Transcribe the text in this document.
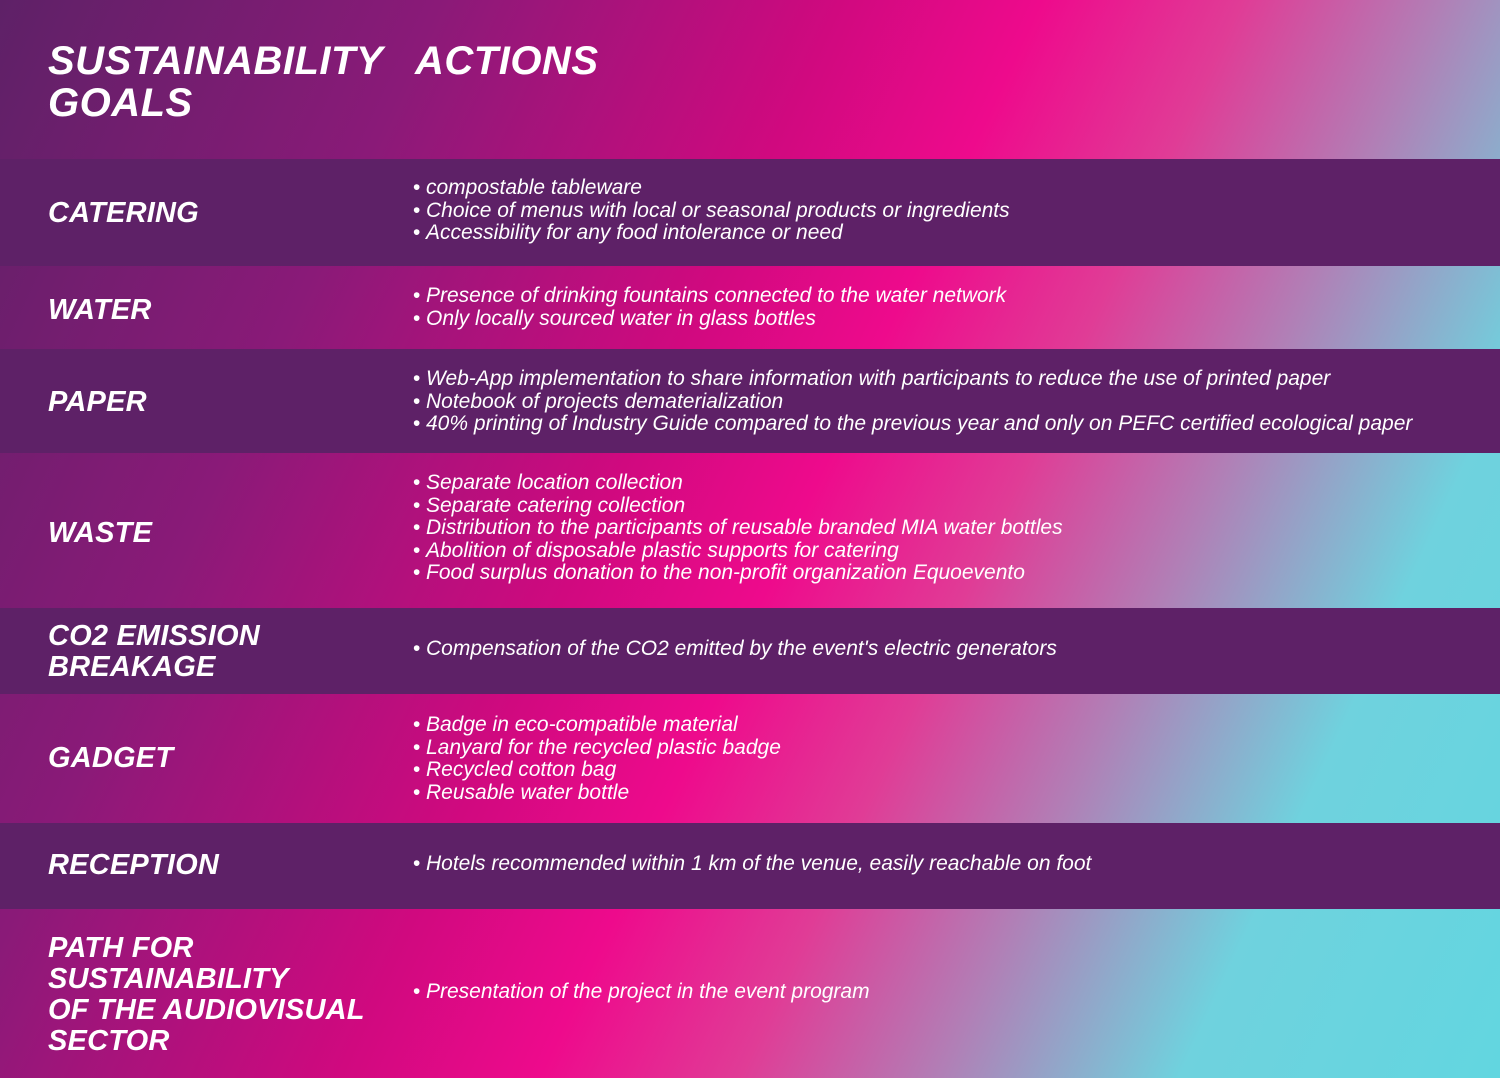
SUSTAINABILITY
GOALS
ACTIONS
CATERING
• compostable tableware
• Choice of menus with local or seasonal products or ingredients
• Accessibility for any food intolerance or need
WATER	• Presence of drinking fountains connected to the water network
• Only locally sourced water in glass bottles
PAPER
• Web-App implementation to share information with participants to reduce the use of printed paper
• Notebook of projects dematerialization
• 40% printing of Industry Guide compared to the previous year and only on PEFC certified ecological paper
WASTE
• Separate location collection
• Separate catering collection
• Distribution to the participants of reusable branded MIA water bottles
• Abolition of disposable plastic supports for catering
• Food surplus donation to the non-profit organization Equoevento
CO2 EMISSION
BREAKAGE
• Compensation of the CO2 emitted by the event's electric generators
GADGET
• Badge in eco-compatible material
• Lanyard for the recycled plastic badge
• Recycled cotton bag
• Reusable water bottle
RECEPTION	• Hotels recommended within 1 km of the venue, easily reachable on foot
PATH FOR
SUSTAINABILITY
OF THE AUDIOVISUAL
SECTOR
• Presentation of the project in the event program
